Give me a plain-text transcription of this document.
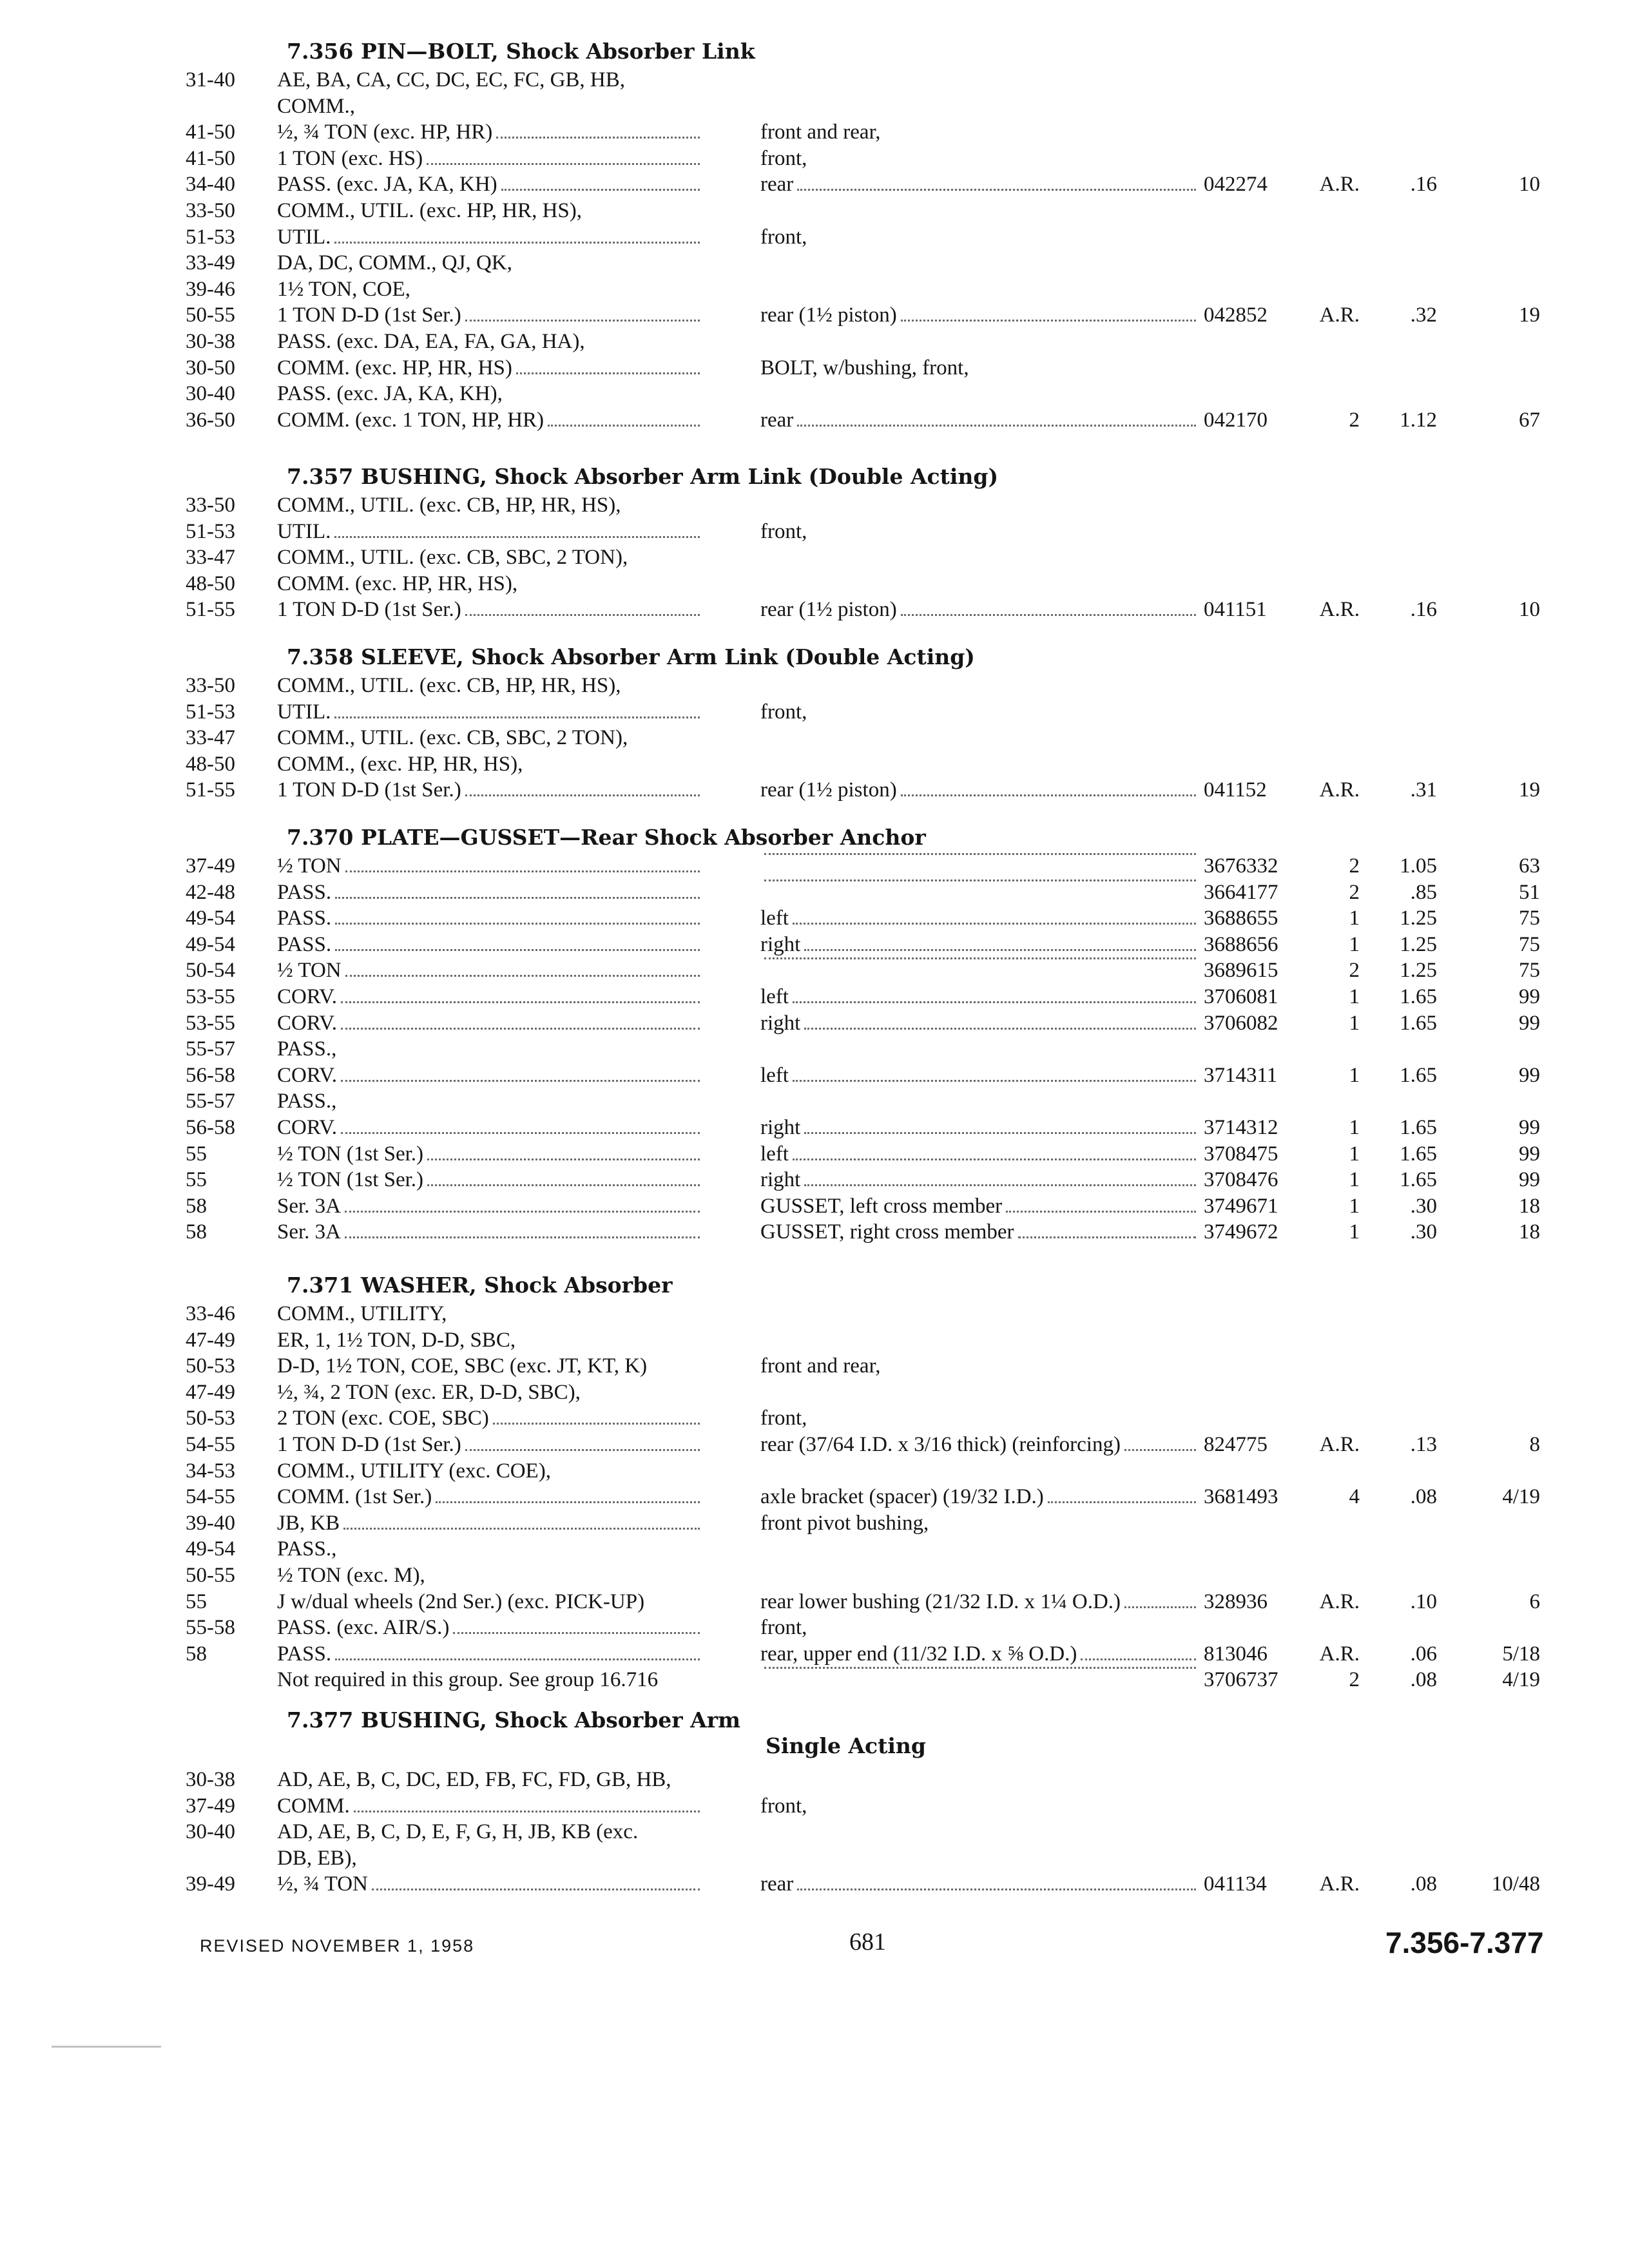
7.356 PIN—BOLT, Shock Absorber Link
31-40 AE, BA, CA, CC, DC, EC, FC, GB, HB,
COMM.,
41-50 ½, ¾ TON (exc. HP, HR)	front and rear,
41-50 1 TON (exc. HS)	front,
34-40 PASS. (exc. JA, KA, KH)	rear	042274	A.R.	.16	10
33-50 COMM., UTIL. (exc. HP, HR, HS),
51-53 UTIL.	front,
33-49 DA, DC, COMM., QJ, QK,
39-46 1½ TON, COE,
50-55 1 TON D-D (1st Ser.)	rear (1½ piston)	042852	A.R.	.32	19
30-38 PASS. (exc. DA, EA, FA, GA, HA),
30-50 COMM. (exc. HP, HR, HS)	BOLT, w/bushing, front,
30-40 PASS. (exc. JA, KA, KH),
36-50 COMM. (exc. 1 TON, HP, HR)	rear	042170	2	1.12	67
7.357 BUSHING, Shock Absorber Arm Link (Double Acting)
33-50 COMM., UTIL. (exc. CB, HP, HR, HS),
51-53 UTIL.	front,
33-47 COMM., UTIL. (exc. CB, SBC, 2 TON),
48-50 COMM. (exc. HP, HR, HS),
51-55 1 TON D-D (1st Ser.)	rear (1½ piston)	041151	A.R.	.16	10
7.358 SLEEVE, Shock Absorber Arm Link (Double Acting)
33-50 COMM., UTIL. (exc. CB, HP, HR, HS),
51-53 UTIL.	front,
33-47 COMM., UTIL. (exc. CB, SBC, 2 TON),
48-50 COMM., (exc. HP, HR, HS),
51-55 1 TON D-D (1st Ser.)	rear (1½ piston)	041152	A.R.	.31	19
7.370 PLATE—GUSSET—Rear Shock Absorber Anchor
37-49 ½ TON	3676332	2	1.05	63
42-48 PASS.	3664177	2	.85	51
49-54 PASS.	left	3688655	1	1.25	75
49-54 PASS.	right	3688656	1	1.25	75
50-54 ½ TON	3689615	2	1.25	75
53-55 CORV.	left	3706081	1	1.65	99
53-55 CORV.	right	3706082	1	1.65	99
55-57 PASS.,
56-58 CORV.	left	3714311	1	1.65	99
55-57 PASS.,
56-58 CORV.	right	3714312	1	1.65	99
55	½ TON (1st Ser.)	left	3708475	1	1.65	99
55	½ TON (1st Ser.)	right	3708476	1	1.65	99
58	Ser. 3A	GUSSET, left cross member	3749671	1	.30	18
58	Ser. 3A	GUSSET, right cross member	3749672	1	.30	18
7.371 WASHER, Shock Absorber
33-46 COMM., UTILITY,
47-49 ER, 1, 1½ TON, D-D, SBC,
50-53 D-D, 1½ TON, COE, SBC (exc. JT, KT, K)	front and rear,
47-49 ½, ¾, 2 TON (exc. ER, D-D, SBC),
50-53 2 TON (exc. COE, SBC)	front,
54-55 1 TON D-D (1st Ser.)	rear (37/64 I.D. x 3/16 thick) (reinforcing)	824775	A.R.	.13	8
34-53 COMM., UTILITY (exc. COE),
54-55 COMM. (1st Ser.)	axle bracket (spacer) (19/32 I.D.)	3681493	4	.08	4/19
39-40 JB, KB	front pivot bushing,
49-54 PASS.,
50-55 ½ TON (exc. M),
55	J w/dual wheels (2nd Ser.) (exc. PICK-UP)	rear lower bushing (21/32 I.D. x 1¼ O.D.)	328936	A.R.	.10	6
55-58 PASS. (exc. AIR/S.)	front,
58	PASS.	rear, upper end (11/32 I.D. x ⅝ O.D.)	813046	A.R.	.06	5/18
Not required in this group. See group 16.716	3706737	2	.08	4/19
7.377 BUSHING, Shock Absorber Arm
Single Acting
30-38 AD, AE, B, C, DC, ED, FB, FC, FD, GB, HB,
37-49 COMM.	front,
30-40 AD, AE, B, C, D, E, F, G, H, JB, KB (exc.
DB, EB),
39-49 ½, ¾ TON	rear	041134	A.R.	.08	10/48
REVISED NOVEMBER 1, 1958	681	7.356-7.377
